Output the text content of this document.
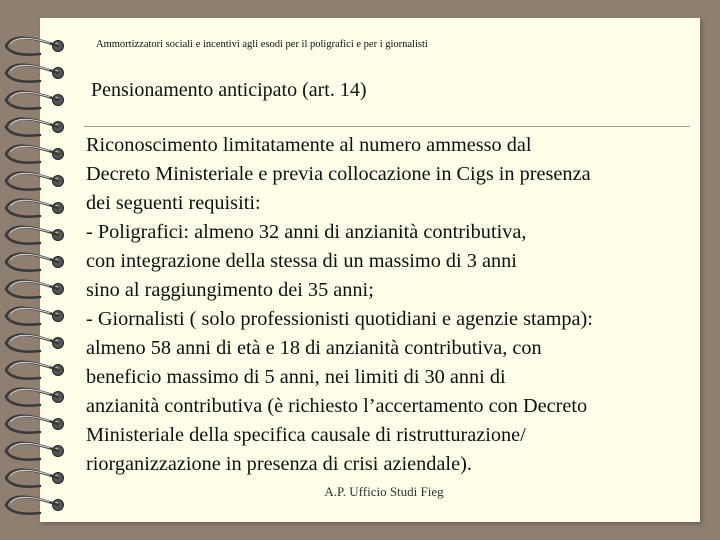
Ammortizzatori sociali e incentivi agli esodi per il poligrafici e per i giornalisti
Pensionamento anticipato (art. 14)
Riconoscimento limitatamente al numero ammesso dal
Decreto Ministeriale e previa collocazione in Cigs in presenza
dei seguenti requisiti:
- Poligrafici: almeno 32 anni di anzianità contributiva,
con integrazione della stessa di un massimo di 3 anni
sino al raggiungimento dei 35 anni;
- Giornalisti ( solo professionisti quotidiani e agenzie stampa):
almeno 58 anni di età e 18 di anzianità contributiva, con
beneficio massimo di 5 anni, nei limiti di 30 anni di
anzianità contributiva (è richiesto l’accertamento con Decreto
Ministeriale della specifica causale di ristrutturazione/
riorganizzazione in presenza di crisi aziendale).
A.P. Ufficio Studi Fieg
